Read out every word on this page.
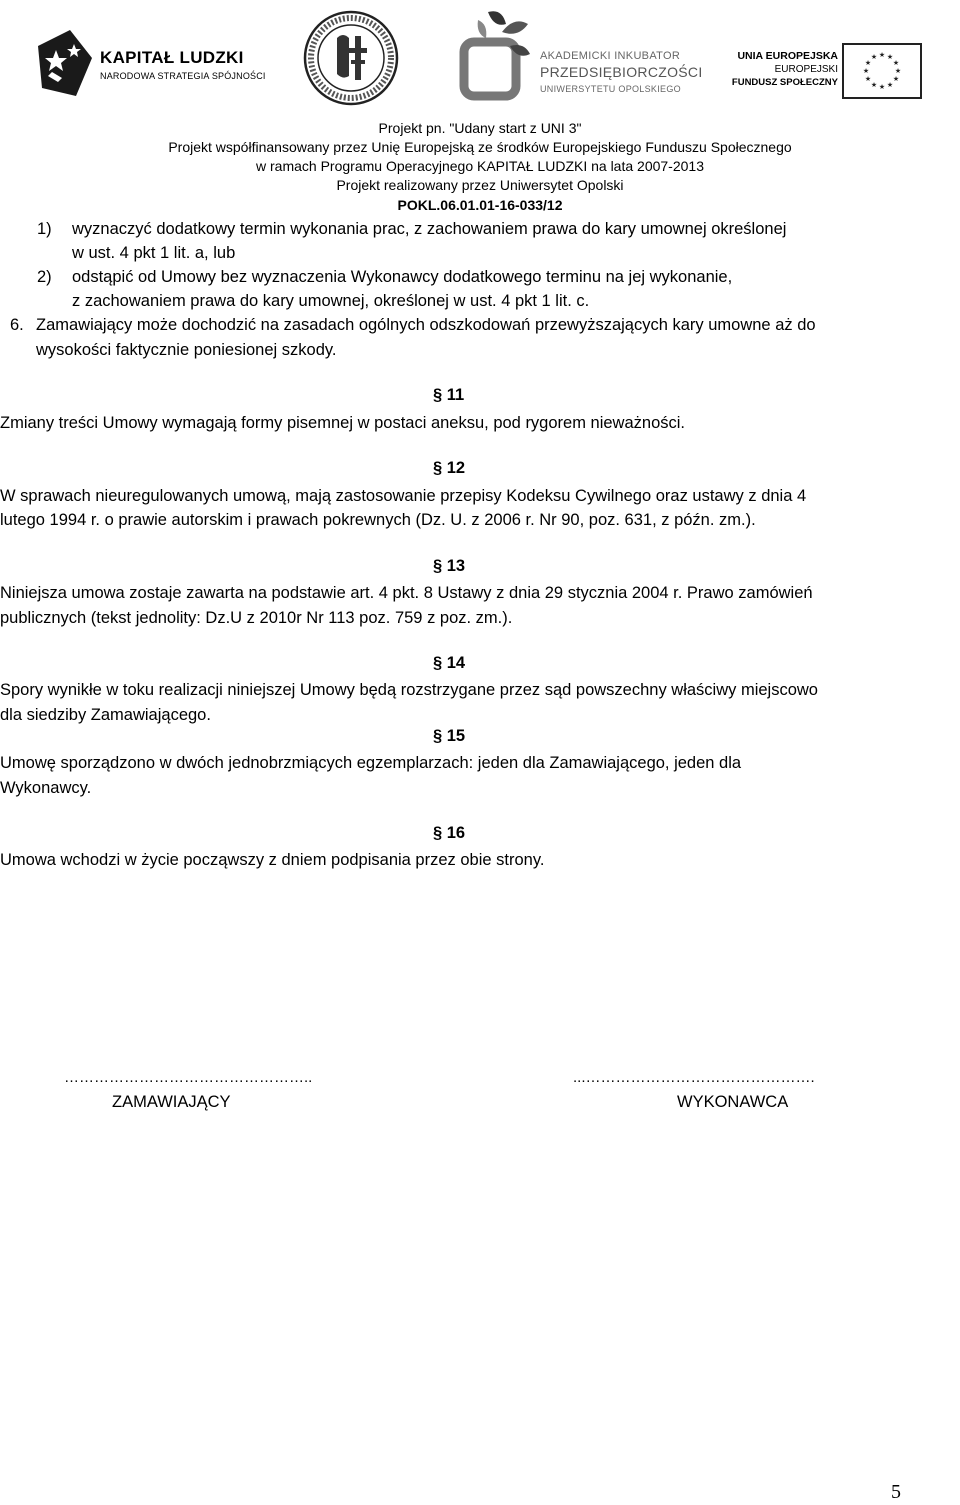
KAPITAŁ LUDZKI
NARODOWA STRATEGIA SPÓJNOŚCI
AKADEMICKI INKUBATOR
PRZEDSIĘBIORCZOŚCI
UNIWERSYTETU OPOLSKIEGO
UNIA EUROPEJSKA
EUROPEJSKI
FUNDUSZ SPOŁECZNY
★ ★
★
★
★
★
★
★
★
★
★
★
Projekt pn. "Udany start z UNI 3"
Projekt współfinansowany przez Unię Europejską ze środków Europejskiego Funduszu Społecznego
w ramach Programu Operacyjnego KAPITAŁ LUDZKI na lata 2007-2013
Projekt realizowany przez Uniwersytet Opolski
POKL.06.01.01-16-033/12
1) wyznaczyć dodatkowy termin wykonania prac, z zachowaniem prawa do kary umownej określonej
w ust. 4 pkt 1 lit. a, lub
2) odstąpić od Umowy bez wyznaczenia Wykonawcy dodatkowego terminu na jej wykonanie,
z zachowaniem prawa do kary umownej, określonej w ust. 4 pkt 1 lit. c.
6. Zamawiający może dochodzić na zasadach ogólnych odszkodowań przewyższających kary umowne aż do
wysokości faktycznie poniesionej szkody.
§ 11
Zmiany treści Umowy wymagają formy pisemnej w postaci aneksu, pod rygorem nieważności.
§ 12
W sprawach nieuregulowanych umową, mają zastosowanie przepisy Kodeksu Cywilnego oraz ustawy z dnia 4
lutego 1994 r. o prawie autorskim i prawach pokrewnych (Dz. U. z 2006 r. Nr 90, poz. 631, z późn. zm.).
§ 13
Niniejsza umowa zostaje zawarta na podstawie art. 4 pkt. 8 Ustawy z dnia 29 stycznia 2004 r. Prawo zamówień
publicznych (tekst jednolity: Dz.U z 2010r Nr 113 poz. 759 z poz. zm.).
§ 14
Spory wynikłe w toku realizacji niniejszej Umowy będą rozstrzygane przez sąd powszechny właściwy miejscowo
dla siedziby Zamawiającego.
§ 15
Umowę sporządzono w dwóch jednobrzmiących egzemplarzach: jeden dla Zamawiającego, jeden dla
Wykonawcy.
§ 16
Umowa wchodzi w życie począwszy z dniem podpisania przez obie strony.
…………………………………………..
ZAMAWIAJĄCY
...……………………………………….
WYKONAWCA
5
